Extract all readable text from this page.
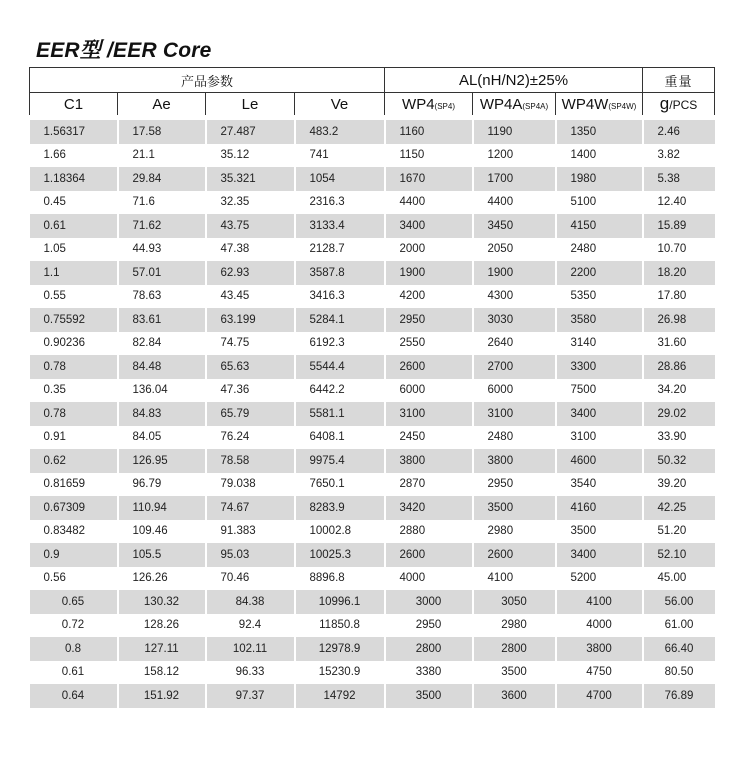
EER型 /EER Core
产品参数				AL(nH/N2)±25%			重量
C1	Ae	Le	Ve	WP4(SP4)	WP4A(SP4A)	WP4W(SP4W)	g/PCS
1.56317	17.58	27.487	483.2	1160	1190	1350	2.46
1.66	21.1	35.12	741	1150	1200	1400	3.82
1.18364	29.84	35.321	1054	1670	1700	1980	5.38
0.45	71.6	32.35	2316.3	4400	4400	5100	12.40
0.61	71.62	43.75	3133.4	3400	3450	4150	15.89
1.05	44.93	47.38	2128.7	2000	2050	2480	10.70
1.1	57.01	62.93	3587.8	1900	1900	2200	18.20
0.55	78.63	43.45	3416.3	4200	4300	5350	17.80
0.75592	83.61	63.199	5284.1	2950	3030	3580	26.98
0.90236	82.84	74.75	6192.3	2550	2640	3140	31.60
0.78	84.48	65.63	5544.4	2600	2700	3300	28.86
0.35	136.04	47.36	6442.2	6000	6000	7500	34.20
0.78	84.83	65.79	5581.1	3100	3100	3400	29.02
0.91	84.05	76.24	6408.1	2450	2480	3100	33.90
0.62	126.95	78.58	9975.4	3800	3800	4600	50.32
0.81659	96.79	79.038	7650.1	2870	2950	3540	39.20
0.67309	110.94	74.67	8283.9	3420	3500	4160	42.25
0.83482	109.46	91.383	10002.8	2880	2980	3500	51.20
0.9	105.5	95.03	10025.3	2600	2600	3400	52.10
0.56	126.26	70.46	8896.8	4000	4100	5200	45.00
0.65	130.32	84.38	10996.1	3000	3050	4100	56.00
0.72	128.26	92.4	11850.8	2950	2980	4000	61.00
0.8	127.11	102.11	12978.9	2800	2800	3800	66.40
0.61	158.12	96.33	15230.9	3380	3500	4750	80.50
0.64	151.92	97.37	14792	3500	3600	4700	76.89
